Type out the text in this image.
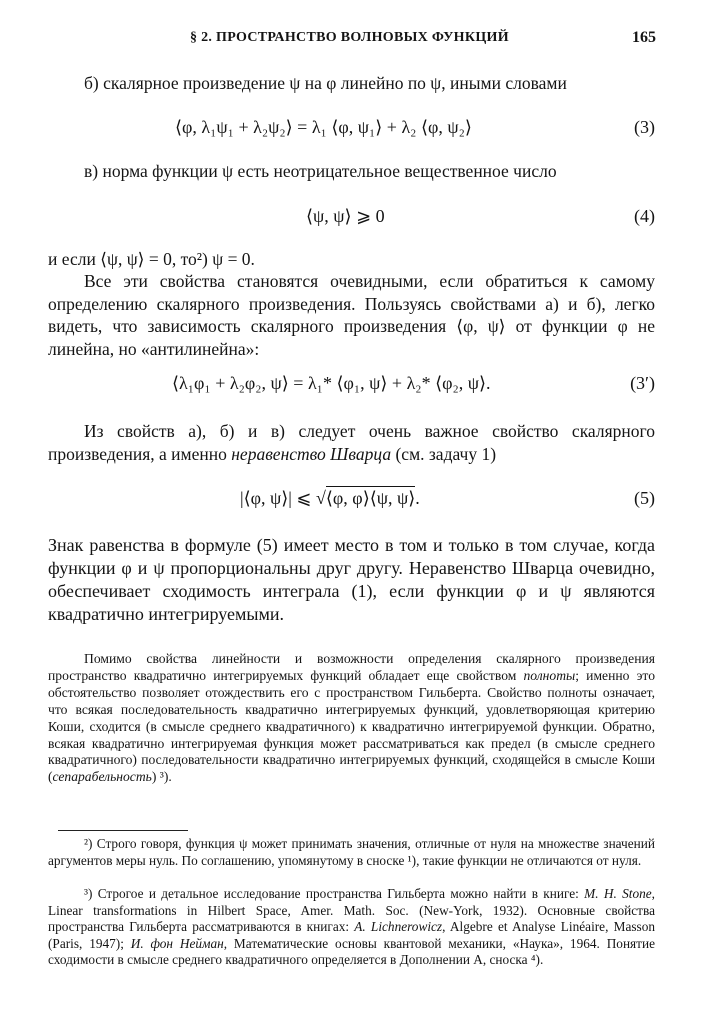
§ 2. ПРОСТРАНСТВО ВОЛНОВЫХ ФУНКЦИЙ	165

б) скалярное произведение ψ на φ линейно по ψ, иными словами

⟨φ, λ₁ψ₁ + λ₂ψ₂⟩ = λ₁ ⟨φ, ψ₁⟩ + λ₂ ⟨φ, ψ₂⟩	(3)

в) норма функции ψ есть неотрицательное вещественное число

⟨ψ, ψ⟩ ⩾ 0	(4)

и если ⟨ψ, ψ⟩ = 0, то²) ψ = 0.

Все эти свойства становятся очевидными, если обратиться к самому определению скалярного произведения. Пользуясь свойствами а) и б), легко видеть, что зависимость скалярного произведения ⟨φ, ψ⟩ от функции φ не линейна, но «антилинейна»:

⟨λ₁φ₁ + λ₂φ₂, ψ⟩ = λ₁* ⟨φ₁, ψ⟩ + λ₂* ⟨φ₂, ψ⟩.	(3′)

Из свойств а), б) и в) следует очень важное свойство скалярного произведения, а именно неравенство Шварца (см. задачу 1)

|⟨φ, ψ⟩| ⩽ √⟨φ, φ⟩⟨ψ, ψ⟩.	(5)

Знак равенства в формуле (5) имеет место в том и только в том случае, когда функции φ и ψ пропорциональны друг другу. Неравенство Шварца очевидно, обеспечивает сходимость интеграла (1), если функции φ и ψ являются квадратично интегрируемыми.

Помимо свойства линейности и возможности определения скалярного произведения пространство квадратично интегрируемых функций обладает еще свойством полноты; именно это обстоятельство позволяет отождествить его с пространством Гильберта. Свойство полноты означает, что всякая последовательность квадратично интегрируемых функций, удовлетворяющая критерию Коши, сходится (в смысле среднего квадратичного) к квадратично интегрируемой функции. Обратно, всякая квадратично интегрируемая функция может рассматриваться как предел (в смысле среднего квадратичного) последовательности квадратично интегрируемых функций, сходящейся в смысле Коши (сепарабельность) ³).

²) Строго говоря, функция ψ может принимать значения, отличные от нуля на множестве значений аргументов меры нуль. По соглашению, упомянутому в сноске ¹), такие функции не отличаются от нуля.

³) Строгое и детальное исследование пространства Гильберта можно найти в книге: M. H. Stone, Linear transformations in Hilbert Space, Amer. Math. Soc. (New-York, 1932). Основные свойства пространства Гильберта рассматриваются в книгах: A. Lichnerowicz, Algebre et Analyse Linéaire, Masson (Paris, 1947); И. фон Нейман, Математические основы квантовой механики, «Наука», 1964. Понятие сходимости в смысле среднего квадратичного определяется в Дополнении А, сноска ⁴).
